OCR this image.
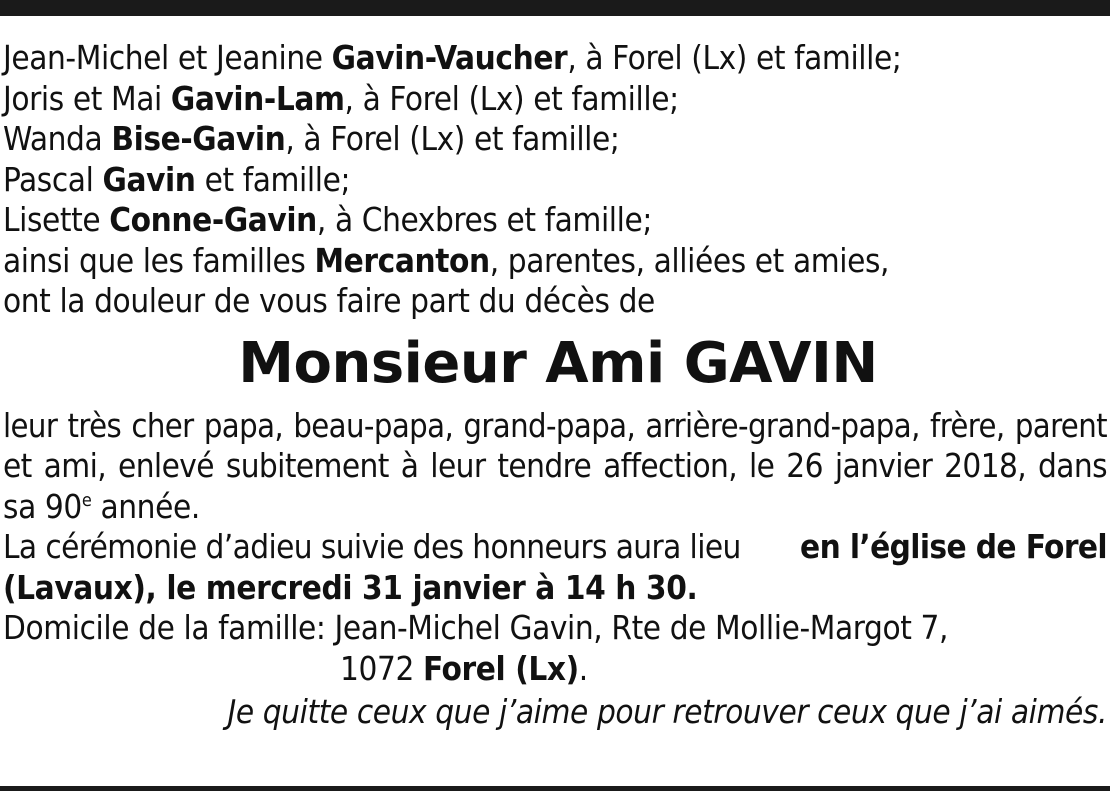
Jean-Michel et Jeanine Gavin-Vaucher, à Forel (Lx) et famille;
Joris et Mai Gavin-Lam, à Forel (Lx) et famille;
Wanda Bise-Gavin, à Forel (Lx) et famille;
Pascal Gavin et famille;
Lisette Conne-Gavin, à Chexbres et famille;
ainsi que les familles Mercanton, parentes, alliées et amies,
ont la douleur de vous faire part du décès de
Monsieur Ami GAVIN
leur très cher papa, beau-papa, grand-papa, arrière-grand-papa, frère, parent
et ami, enlevé subitement à leur tendre affection, le 26 janvier 2018, dans
sa 90e année.
La cérémonie d’adieu suivie des honneurs aura lieu en l’église de Forel
(Lavaux), le mercredi 31 janvier à 14 h 30.
Domicile de la famille: Jean-Michel Gavin, Rte de Mollie-Margot 7,
1072 Forel (Lx).
Je quitte ceux que j’aime pour retrouver ceux que j’ai aimés.
